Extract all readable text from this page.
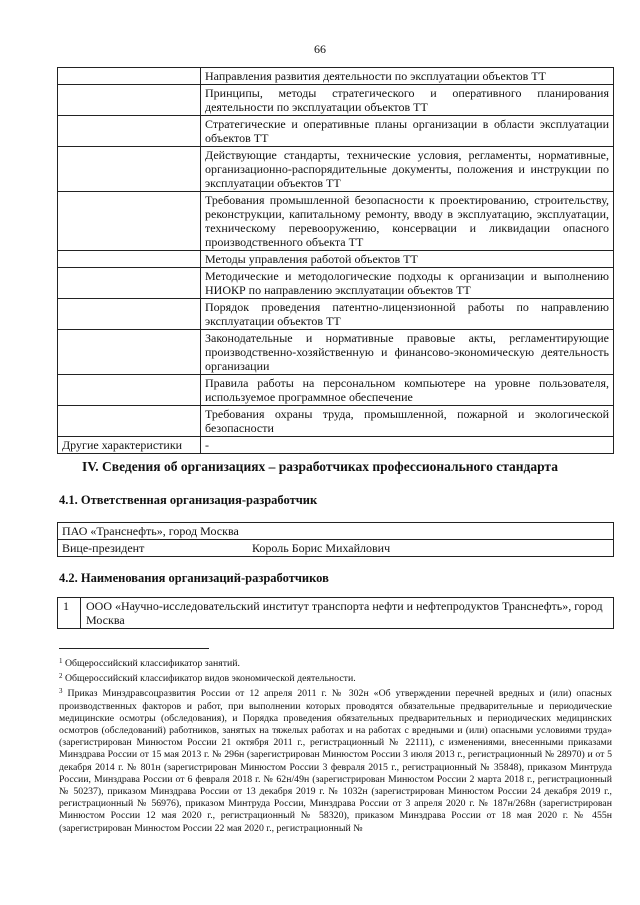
66
	Направления развития деятельности по эксплуатации объектов ТТ
	Принципы, методы стратегического и оперативного планирования деятельности по эксплуатации объектов ТТ
	Стратегические и оперативные планы организации в области эксплуатации объектов ТТ
	Действующие стандарты, технические условия, регламенты, нормативные, организационно-распорядительные документы, положения и инструкции по эксплуатации объектов ТТ
	Требования промышленной безопасности к проектированию, строительству, реконструкции, капитальному ремонту, вводу в эксплуатацию, эксплуатации, техническому перевооружению, консервации и ликвидации опасного производственного объекта ТТ
	Методы управления работой объектов ТТ
	Методические и методологические подходы к организации и выполнению НИОКР по направлению эксплуатации объектов ТТ
	Порядок проведения патентно-лицензионной работы по направлению эксплуатации объектов ТТ
	Законодательные и нормативные правовые акты, регламентирующие производственно-хозяйственную и финансово-экономическую деятельность организации
	Правила работы на персональном компьютере на уровне пользователя, используемое программное обеспечение
	Требования охраны труда, промышленной, пожарной и экологической безопасности
Другие характеристики	-
IV. Сведения об организациях – разработчиках профессионального стандарта
4.1. Ответственная организация-разработчик
ПАО «Транснефть», город Москва
Вице-президент	Король Борис Михайлович
4.2. Наименования организаций-разработчиков
1	ООО «Научно-исследовательский институт транспорта нефти и нефтепродуктов Транснефть», город Москва

$^1$ Общероссийский классификатор занятий.

$^2$ Общероссийский классификатор видов экономической деятельности.

$^3$ Приказ Минздравсоцразвития России от 12 апреля 2011 г. № 302н «Об утверждении перечней вредных и (или) опасных производственных факторов и работ, при выполнении которых проводятся обязательные предварительные и периодические медицинские осмотры (обследования), и Порядка проведения обязательных предварительных и периодических медицинских осмотров (обследований) работников, занятых на тяжелых работах и на работах с вредными и (или) опасными условиями труда» (зарегистрирован Минюстом России 21 октября 2011 г., регистрационный № 22111), с изменениями, внесенными приказами Минздрава России от 15 мая 2013 г. № 296н (зарегистрирован Минюстом России 3 июля 2013 г., регистрационный № 28970) и от 5 декабря 2014 г. № 801н (зарегистрирован Минюстом России 3 февраля 2015 г., регистрационный № 35848), приказом Минтруда России, Минздрава России от 6 февраля 2018 г. № 62н/49н (зарегистрирован Минюстом России 2 марта 2018 г., регистрационный № 50237), приказом Минздрава России от 13 декабря 2019 г. № 1032н (зарегистрирован Минюстом России 24 декабря 2019 г., регистрационный № 56976), приказом Минтруда России, Минздрава России от 3 апреля 2020 г. № 187н/268н (зарегистрирован Минюстом России 12 мая 2020 г., регистрационный № 58320), приказом Минздрава России от 18 мая 2020 г. № 455н (зарегистрирован Минюстом России 22 мая 2020 г., регистрационный №
